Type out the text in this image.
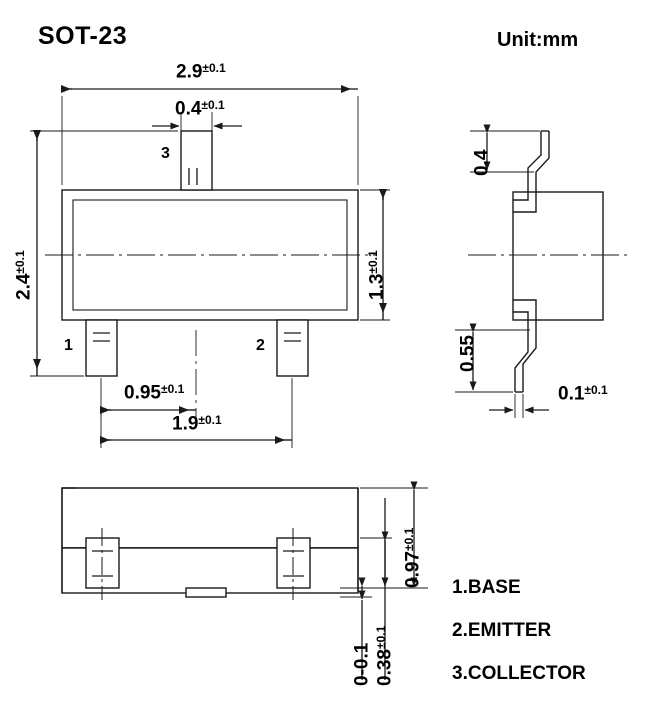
SOT-23	Unit:mm
$2.9^{\pm 0.1}$
$0.4^{\pm 0.1}$
$2.4^{\pm 0.1}$
$1.3^{\pm 0.1}$
$0.95^{\pm 0.1}$
$1.9^{\pm 0.1}$
3
1	2
0.4
0.55
$0.1^{\pm 0.1}$
$0.97^{\pm 0.1}$
0-0.1 $0.38^{\pm 0.1}$
1.BASE
2.EMITTER
3.COLLECTOR
